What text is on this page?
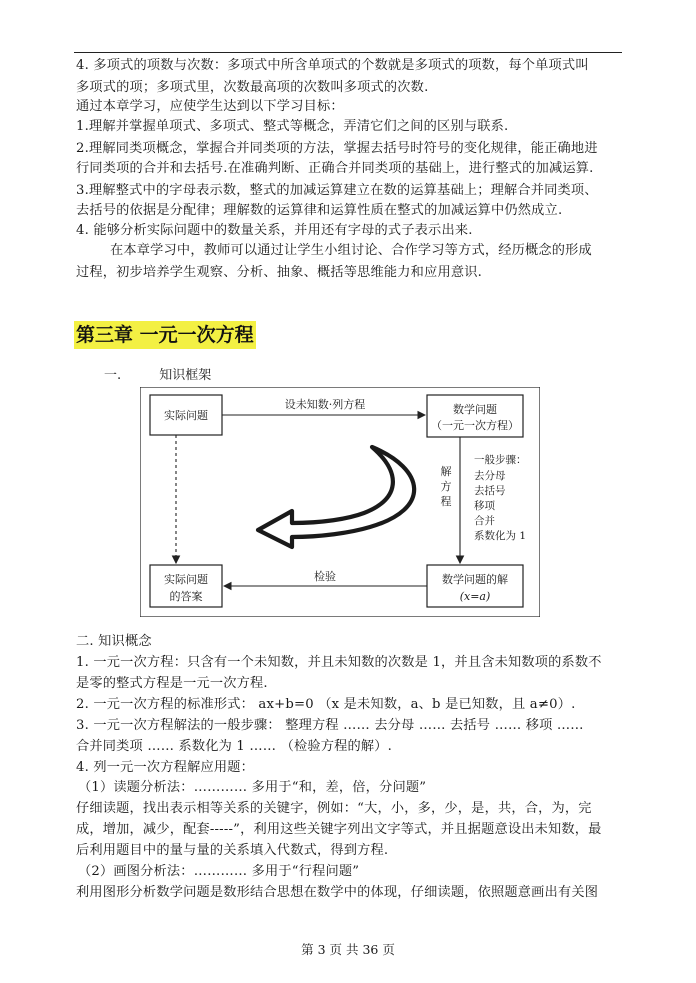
4. 多项式的项数与次数：多项式中所含单项式的个数就是多项式的项数，每个单项式叫
多项式的项；多项式里，次数最高项的次数叫多项式的次数.
通过本章学习，应使学生达到以下学习目标：
1.理解并掌握单项式、多项式、整式等概念，弄清它们之间的区别与联系.
2.理解同类项概念，掌握合并同类项的方法，掌握去括号时符号的变化规律，能正确地进
行同类项的合并和去括号.在准确判断、正确合并同类项的基础上，进行整式的加减运算.
3.理解整式中的字母表示数，整式的加减运算建立在数的运算基础上；理解合并同类项、
去括号的依据是分配律；理解数的运算律和运算性质在整式的加减运算中仍然成立.
4. 能够分析实际问题中的数量关系，并用还有字母的式子表示出来.
在本章学习中，教师可以通过让学生小组讨论、合作学习等方式，经历概念的形成
过程，初步培养学生观察、分析、抽象、概括等思维能力和应用意识.
第三章 一元一次方程
一.	知识框架
实际问题	数学问题
（一元一次方程）
实际问题
的答案
数学问题的解
(x=a)
设未知数·列方程
解
方
程
一般步骤：
去分母
去括号
移项
合并
系数化为 1
检验
二. 知识概念
1. 一元一次方程：只含有一个未知数，并且未知数的次数是 1，并且含未知数项的系数不
是零的整式方程是一元一次方程.
2. 一元一次方程的标准形式： ax+b=0 （x 是未知数，a、b 是已知数，且 a≠0）.
3. 一元一次方程解法的一般步骤： 整理方程 …… 去分母 …… 去括号 …… 移项 ……
合并同类项 …… 系数化为 1 …… （检验方程的解）.
4. 列一元一次方程解应用题：
（1）读题分析法：………… 多用于“和，差，倍，分问题”
仔细读题，找出表示相等关系的关键字，例如：“大，小，多，少，是，共，合，为，完
成，增加，减少，配套-----”，利用这些关键字列出文字等式，并且据题意设出未知数，最
后利用题目中的量与量的关系填入代数式，得到方程.
（2）画图分析法：………… 多用于“行程问题”
利用图形分析数学问题是数形结合思想在数学中的体现，仔细读题，依照题意画出有关图
第 3 页 共 36 页
